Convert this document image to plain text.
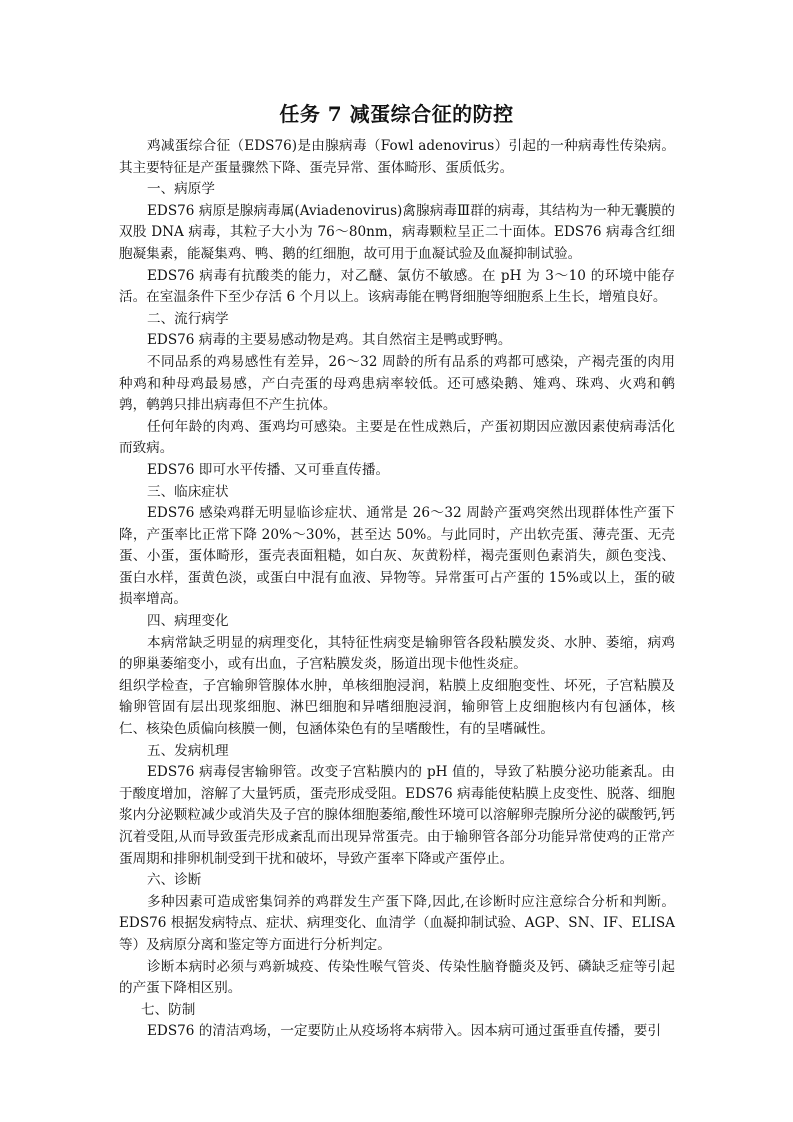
任务 7 减蛋综合征的防控

鸡减蛋综合征（EDS76)是由腺病毒（Fowl adenovirus）引起的一种病毒性传染病。其主要特征是产蛋量骤然下降、蛋壳异常、蛋体畸形、蛋质低劣。

一、病原学

EDS76 病原是腺病毒属(Aviadenovirus)禽腺病毒Ⅲ群的病毒，其结构为一种无囊膜的双股 DNA 病毒，其粒子大小为 76～80nm，病毒颗粒呈正二十面体。EDS76 病毒含红细胞凝集素，能凝集鸡、鸭、鹅的红细胞，故可用于血凝试验及血凝抑制试验。

EDS76 病毒有抗酸类的能力，对乙醚、氯仿不敏感。在 pH 为 3～10 的环境中能存活。在室温条件下至少存活 6 个月以上。该病毒能在鸭肾细胞等细胞系上生长，增殖良好。

二、流行病学

EDS76 病毒的主要易感动物是鸡。其自然宿主是鸭或野鸭。

不同品系的鸡易感性有差异，26～32 周龄的所有品系的鸡都可感染，产褐壳蛋的肉用种鸡和种母鸡最易感，产白壳蛋的母鸡患病率较低。还可感染鹅、雉鸡、珠鸡、火鸡和鹌鹑，鹌鹑只排出病毒但不产生抗体。

任何年龄的肉鸡、蛋鸡均可感染。主要是在性成熟后，产蛋初期因应激因素使病毒活化而致病。

EDS76 即可水平传播、又可垂直传播。

三、临床症状

EDS76 感染鸡群无明显临诊症状、通常是 26～32 周龄产蛋鸡突然出现群体性产蛋下降，产蛋率比正常下降 20%～30%，甚至达 50%。与此同时，产出软壳蛋、薄壳蛋、无壳蛋、小蛋，蛋体畸形，蛋壳表面粗糙，如白灰、灰黄粉样，褐壳蛋则色素消失，颜色变浅、蛋白水样，蛋黄色淡，或蛋白中混有血液、异物等。异常蛋可占产蛋的 15%或以上，蛋的破损率增高。

四、病理变化

本病常缺乏明显的病理变化，其特征性病变是输卵管各段粘膜发炎、水肿、萎缩，病鸡的卵巢萎缩变小，或有出血，子宫粘膜发炎，肠道出现卡他性炎症。

组织学检查，子宫输卵管腺体水肿，单核细胞浸润，粘膜上皮细胞变性、坏死，子宫粘膜及输卵管固有层出现浆细胞、淋巴细胞和异嗜细胞浸润，输卵管上皮细胞核内有包涵体，核仁、核染色质偏向核膜一侧，包涵体染色有的呈嗜酸性，有的呈嗜碱性。

五、发病机理

EDS76 病毒侵害输卵管。改变子宫粘膜内的 pH 值的，导致了粘膜分泌功能紊乱。由于酸度增加，溶解了大量钙质，蛋壳形成受阻。EDS76 病毒能使粘膜上皮变性、脱落、细胞浆内分泌颗粒减少或消失及子宫的腺体细胞萎缩,酸性环境可以溶解卵壳腺所分泌的碳酸钙,钙沉着受阻,从而导致蛋壳形成紊乱而出现异常蛋壳。由于输卵管各部分功能异常使鸡的正常产蛋周期和排卵机制受到干扰和破坏，导致产蛋率下降或产蛋停止。

六、诊断

多种因素可造成密集饲养的鸡群发生产蛋下降,因此,在诊断时应注意综合分析和判断。EDS76 根据发病特点、症状、病理变化、血清学（血凝抑制试验、AGP、SN、IF、ELISA 等）及病原分离和鉴定等方面进行分析判定。

诊断本病时必须与鸡新城疫、传染性喉气管炎、传染性脑脊髓炎及钙、磷缺乏症等引起的产蛋下降相区别。

七、防制

EDS76 的清洁鸡场，一定要防止从疫场将本病带入。因本病可通过蛋垂直传播，要引
